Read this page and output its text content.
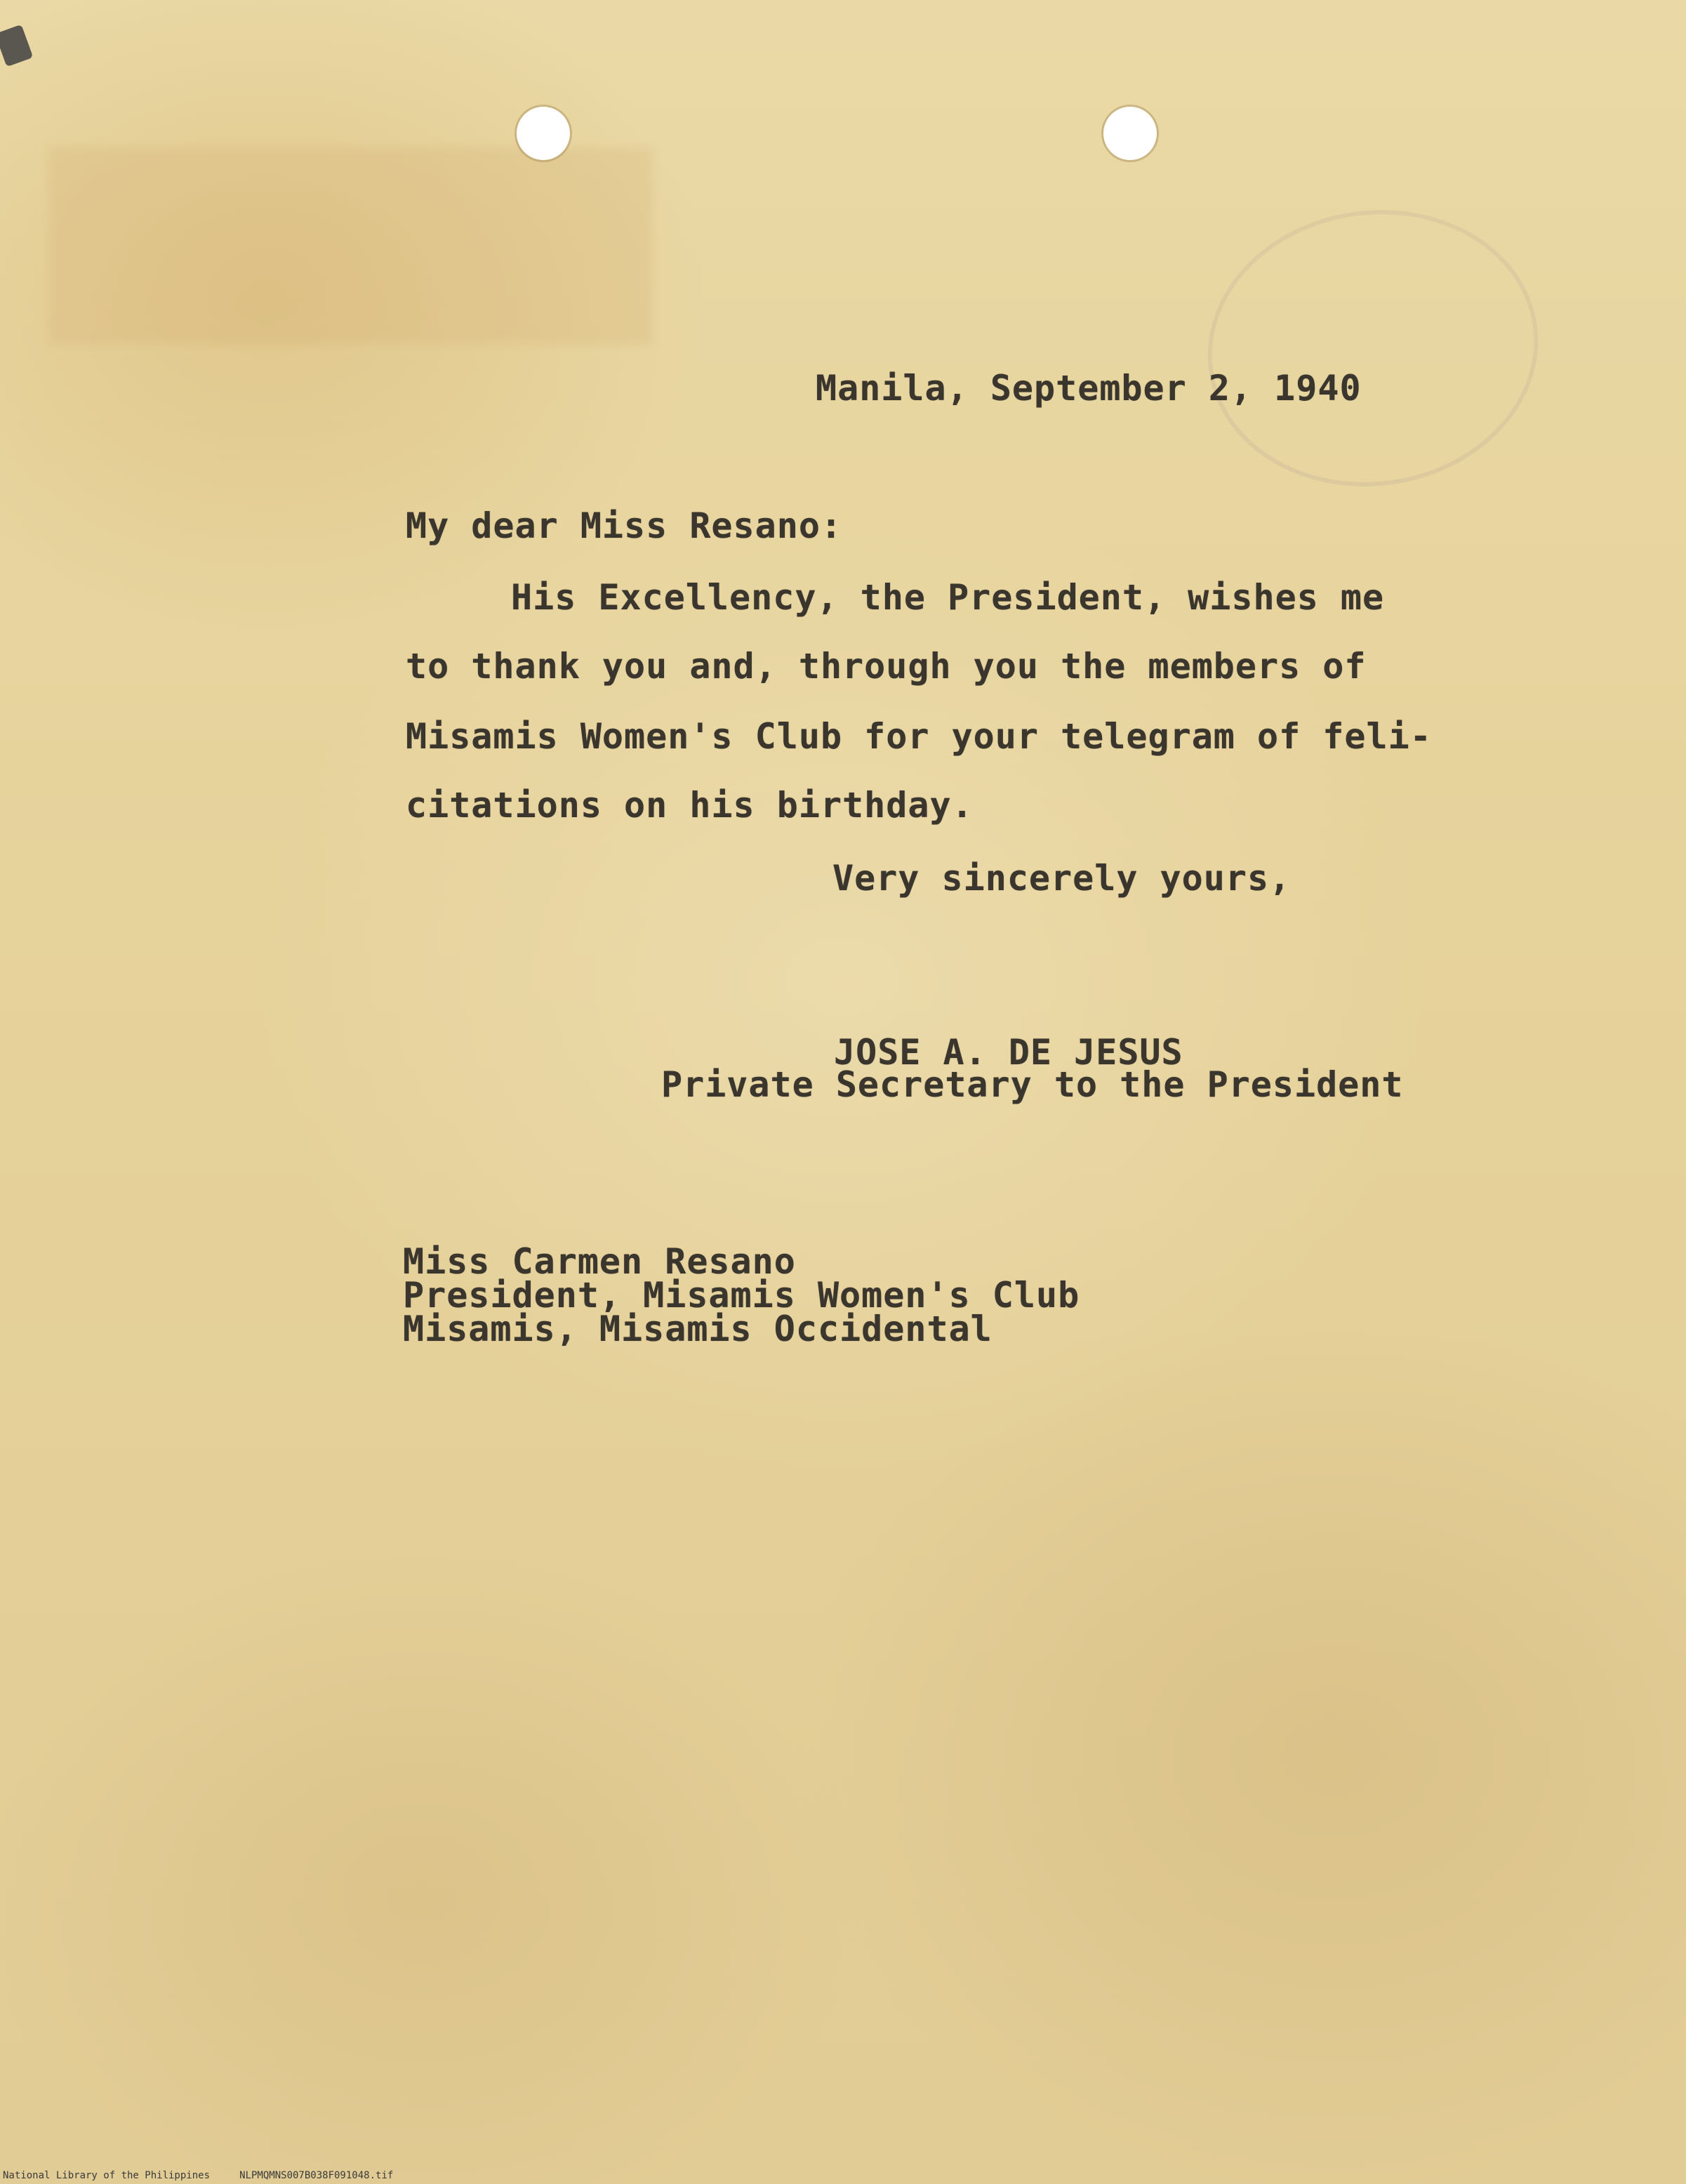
Manila, September 2, 1940
My dear Miss Resano:
His Excellency, the President, wishes me
to thank you and, through you the members of
Misamis Women's Club for your telegram of feli-
citations on his birthday.
Very sincerely yours,
JOSE A. DE JESUS
Private Secretary to the President
Miss Carmen Resano
President, Misamis Women's Club
Misamis, Misamis Occidental
National Library of the Philippines     NLPMQMNS007B038F091048.tif
